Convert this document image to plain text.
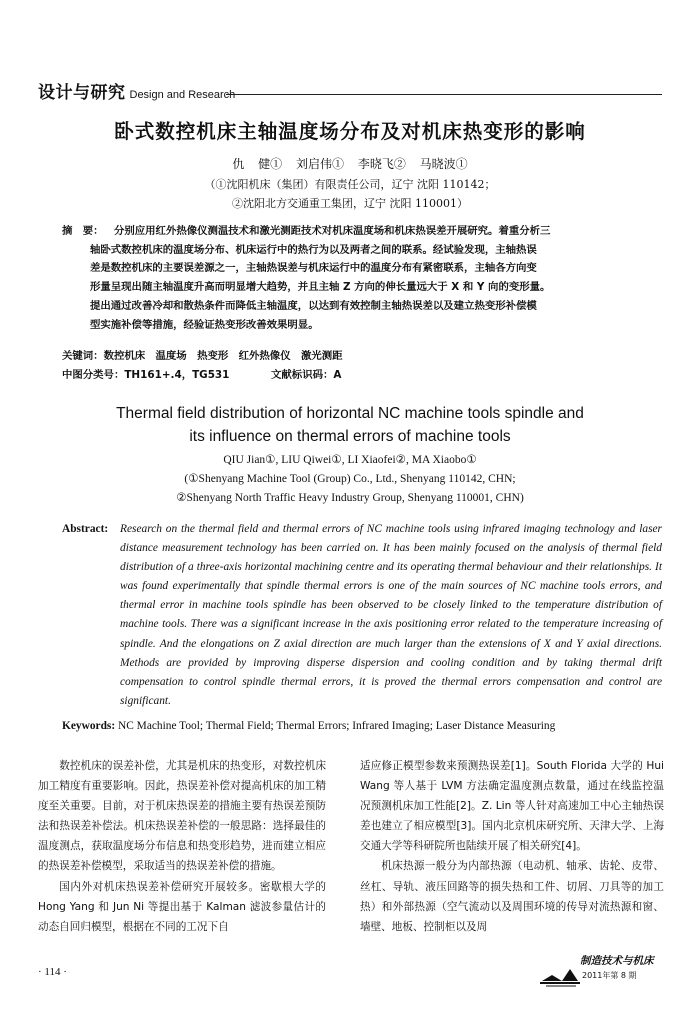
设计与研究 Design and Research
卧式数控机床主轴温度场分布及对机床热变形的影响
仇 健① 刘启伟① 李晓飞② 马晓波①
（①沈阳机床（集团）有限责任公司，辽宁 沈阳 110142；
②沈阳北方交通重工集团，辽宁 沈阳 110001）
摘　要：	分别应用红外热像仪测温技术和激光测距技术对机床温度场和机床热误差开展研究。着重分析三
轴卧式数控机床的温度场分布、机床运行中的热行为以及两者之间的联系。经试验发现，主轴热误
差是数控机床的主要误差源之一，主轴热误差与机床运行中的温度分布有紧密联系，主轴各方向变
形量呈现出随主轴温度升高而明显增大趋势，并且主轴 Z 方向的伸长量远大于 X 和 Y 向的变形量。
提出通过改善冷却和散热条件而降低主轴温度，以达到有效控制主轴热误差以及建立热变形补偿模
型实施补偿等措施，经验证热变形改善效果明显。
关键词：数控机床　温度场　热变形　红外热像仪　激光测距
中图分类号：TH161+.4，TG531	文献标识码：A
Thermal field distribution of horizontal NC machine tools spindle and
its influence on thermal errors of machine tools
QIU Jian①, LIU Qiwei①, LI Xiaofei②, MA Xiaobo①
(①Shenyang Machine Tool (Group) Co., Ltd., Shenyang 110142, CHN;
②Shenyang North Traffic Heavy Industry Group, Shenyang 110001, CHN)
Abstract:	Research on the thermal field and thermal errors of NC machine tools using infrared imaging technology and laser distance measurement technology has been carried on. It has been mainly focused on the analysis of thermal field distribution of a three-axis horizontal machining centre and its operating thermal behaviour and their relationships. It was found experimentally that spindle thermal errors is one of the main sources of NC machine tools errors, and thermal error in machine tools spindle has been observed to be closely linked to the temperature distribution of machine tools. There was a significant increase in the axis positioning error related to the temperature increasing of spindle. And the elongations on Z axial direction are much larger than the extensions of X and Y axial directions. Methods are provided by improving disperse dispersion and cooling condition and by taking thermal drift compensation to control spindle thermal errors, it is proved the thermal errors compensation and control are significant.
Keywords: NC Machine Tool; Thermal Field; Thermal Errors; Infrared Imaging; Laser Distance Measuring

数控机床的误差补偿，尤其是机床的热变形，对数控机床加工精度有重要影响。因此，热误差补偿对提高机床的加工精度至关重要。目前，对于机床热误差的措施主要有热误差预防法和热误差补偿法。机床热误差补偿的一般思路：选择最佳的温度测点，获取温度场分布信息和热变形趋势，进而建立相应的热误差补偿模型，采取适当的热误差补偿的措施。

国内外对机床热误差补偿研究开展较多。密歇根大学的 Hong Yang 和 Jun Ni 等提出基于 Kalman 滤波参量估计的动态自回归模型，根据在不同的工况下自

适应修正模型参数来预测热误差[1]。South Florida 大学的 Hui Wang 等人基于 LVM 方法确定温度测点数量，通过在线监控温况预测机床加工性能[2]。Z. Lin 等人针对高速加工中心主轴热误差也建立了相应模型[3]。国内北京机床研究所、天津大学、上海交通大学等科研院所也陆续开展了相关研究[4]。

机床热源一般分为内部热源（电动机、轴承、齿轮、皮带、丝杠、导轨、液压回路等的损失热和工件、切屑、刀具等的加工热）和外部热源（空气流动以及周围环境的传导对流热源和窗、墙壁、地板、控制柜以及周

· 114 ·
制造技术与机床
2011年第 8 期
